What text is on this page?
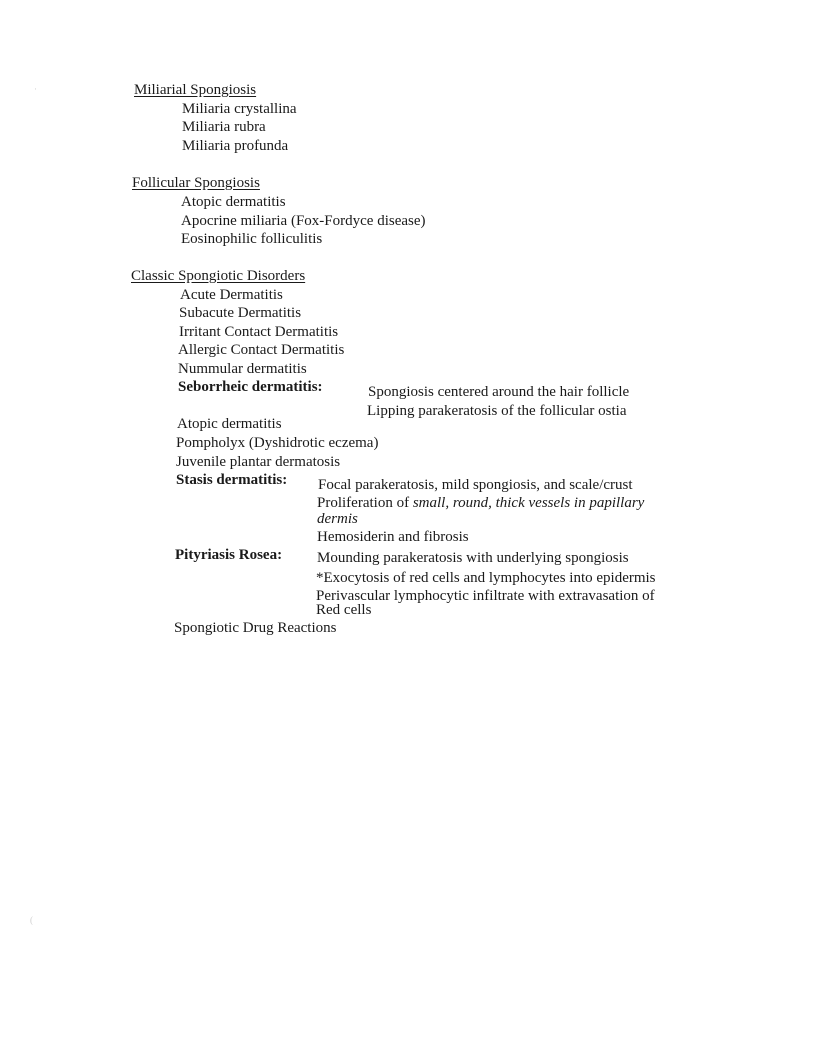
·
(
Miliarial Spongiosis
Miliaria crystallina
Miliaria rubra
Miliaria profunda
Follicular Spongiosis
Atopic dermatitis
Apocrine miliaria (Fox-Fordyce disease)
Eosinophilic folliculitis
Classic Spongiotic Disorders
Acute Dermatitis
Subacute Dermatitis
Irritant Contact Dermatitis
Allergic Contact Dermatitis
Nummular dermatitis
Seborrheic dermatitis:	Spongiosis centered around the hair follicle
Lipping parakeratosis of the follicular ostia
Atopic dermatitis
Pompholyx (Dyshidrotic eczema)
Juvenile plantar dermatosis
Stasis dermatitis: Focal parakeratosis, mild spongiosis, and scale/crust
Proliferation of small, round, thick vessels in papillary
dermis
Hemosiderin and fibrosis
Pityriasis Rosea: Mounding parakeratosis with underlying spongiosis
*Exocytosis of red cells and lymphocytes into epidermis
Perivascular lymphocytic infiltrate with extravasation of
Red cells
Spongiotic Drug Reactions
